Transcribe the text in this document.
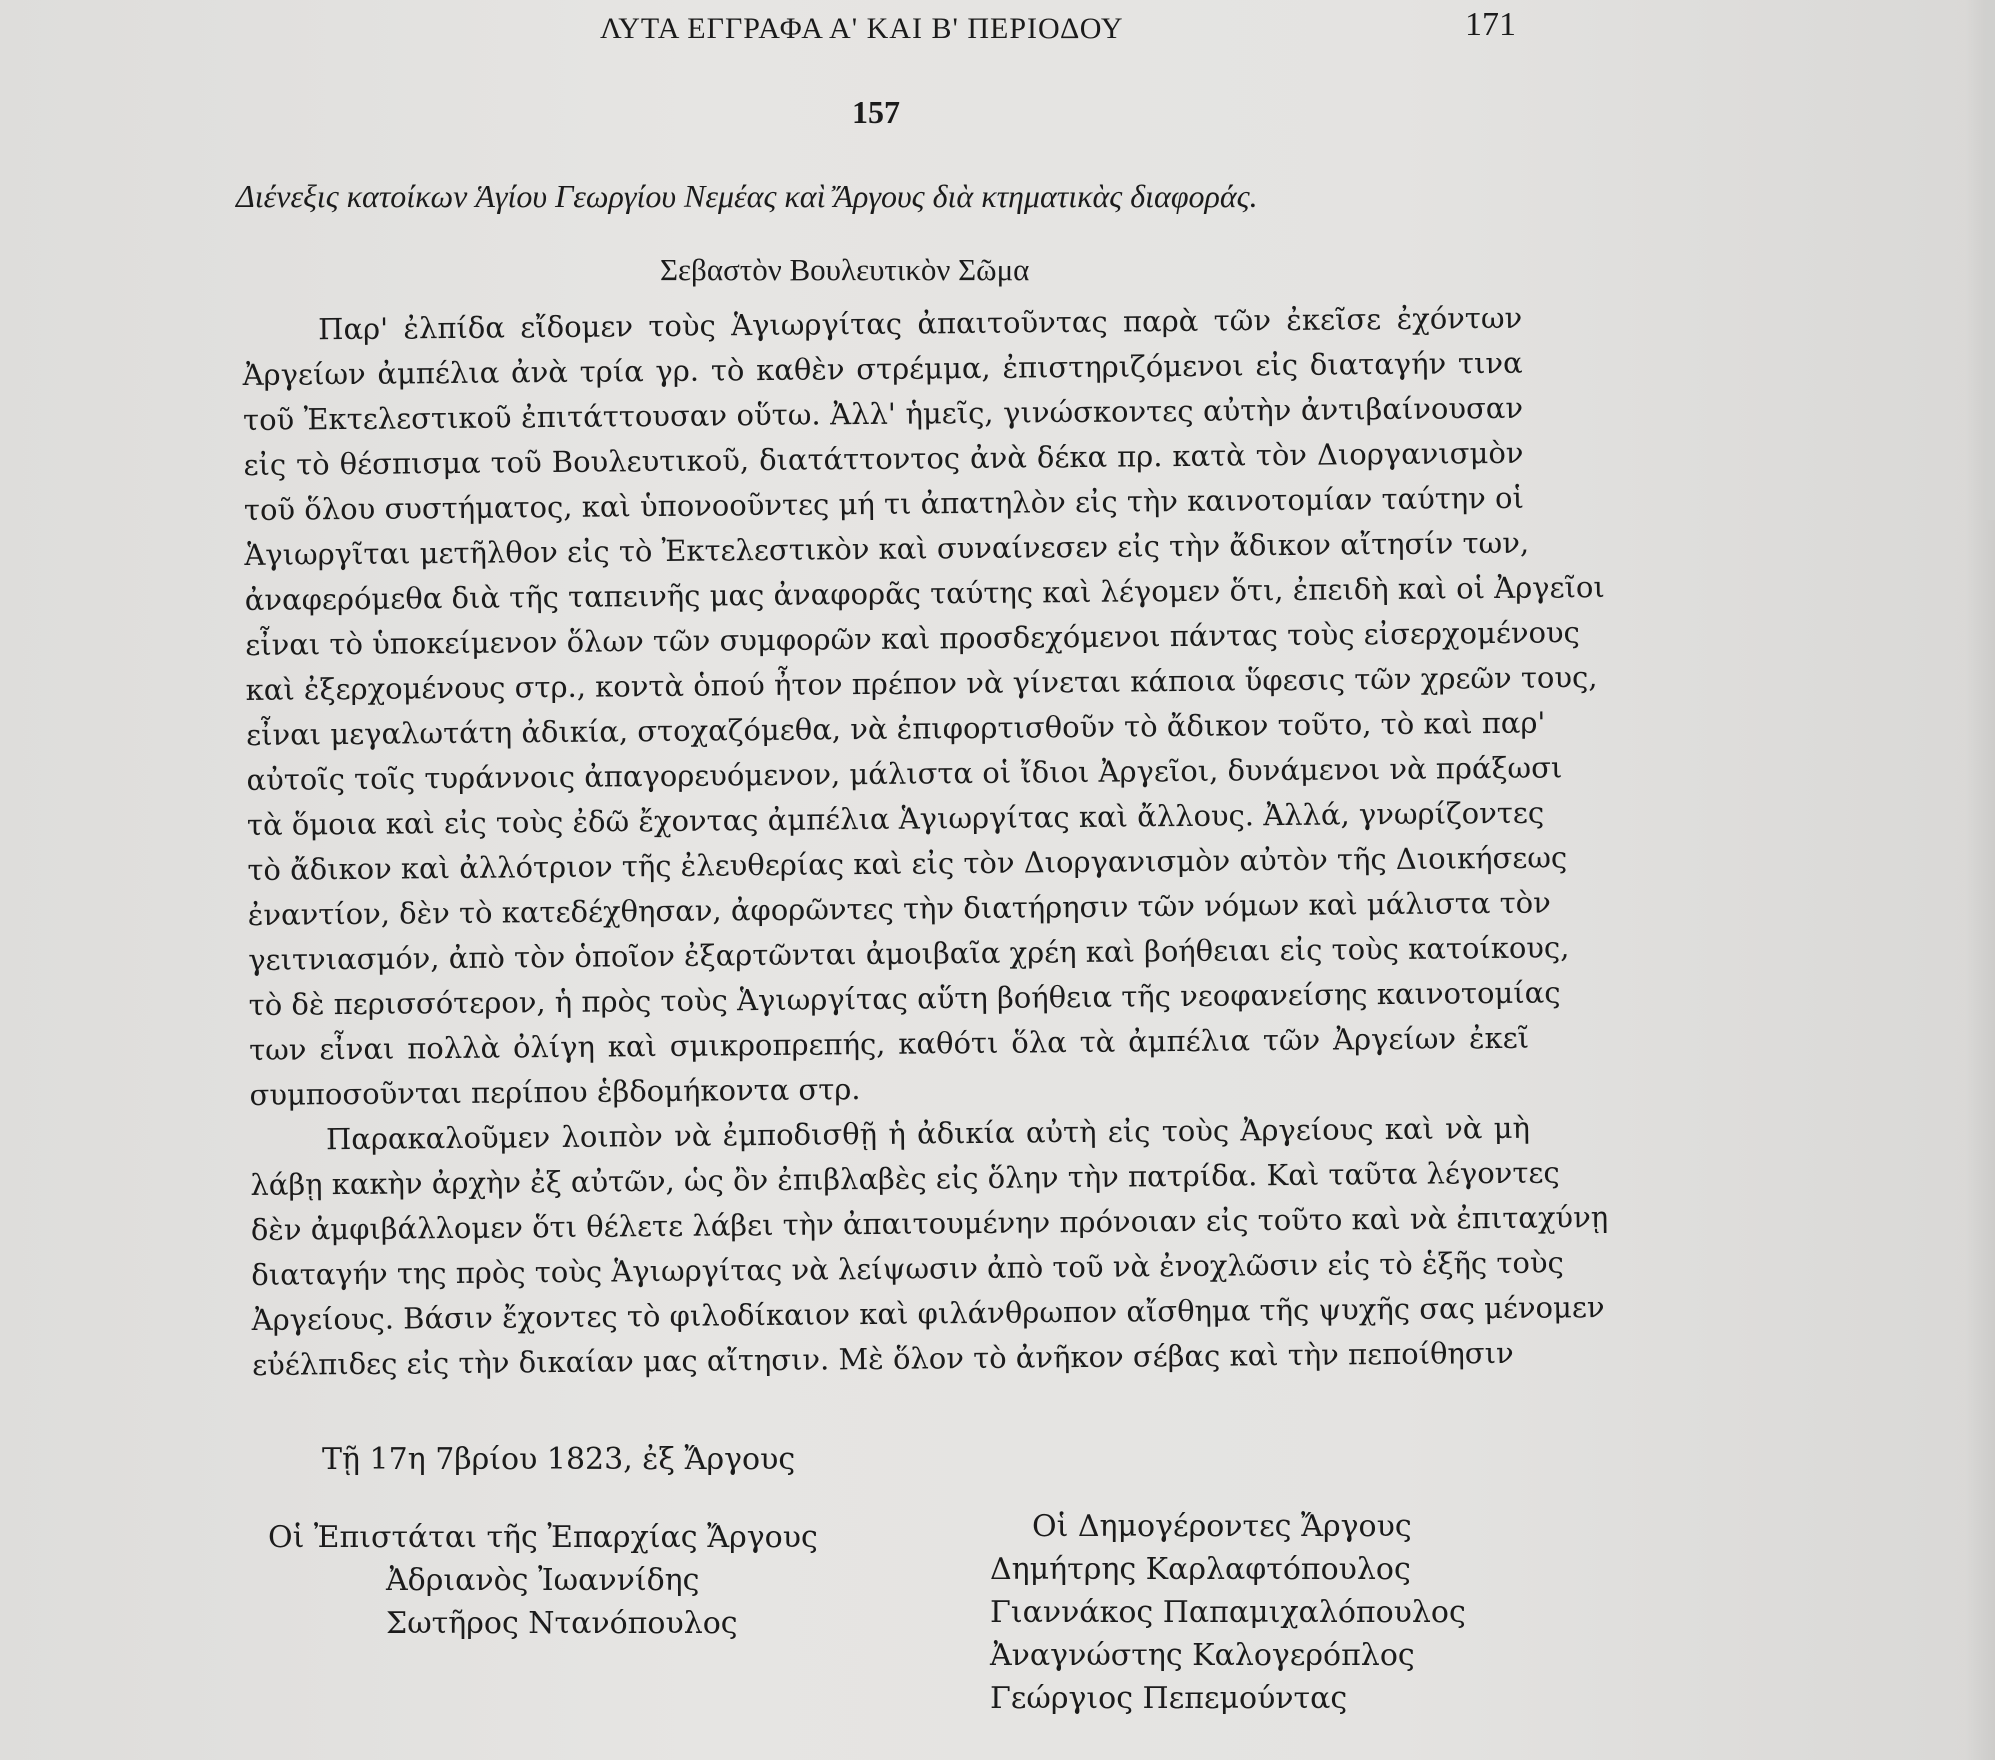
ΛΥΤΑ ΕΓΓΡΑΦΑ Α' ΚΑΙ Β' ΠΕΡΙΟΔΟΥ	171
157
Διένεξις κατοίκων Ἁγίου Γεωργίου Νεμέας καὶ Ἄργους διὰ κτηματικὰς διαφοράς.
Σεβαστὸν Βουλευτικὸν Σῶμα
Παρ' ἐλπίδα εἴδομεν τοὺς Ἁγιωργίτας ἀπαιτοῦντας παρὰ τῶν ἐκεῖσε ἐχόντων
Ἀργείων ἀμπέλια ἀνὰ τρία γρ. τὸ καθὲν στρέμμα, ἐπιστηριζόμενοι εἰς διαταγήν τινα
τοῦ Ἐκτελεστικοῦ ἐπιτάττουσαν οὕτω. Ἀλλ' ἡμεῖς, γινώσκοντες αὐτὴν ἀντιβαίνουσαν
εἰς τὸ θέσπισμα τοῦ Βουλευτικοῦ, διατάττοντος ἀνὰ δέκα πρ. κατὰ τὸν Διοργανισμὸν
τοῦ ὅλου συστήματος, καὶ ὑπονοοῦντες μή τι ἀπατηλὸν εἰς τὴν καινοτομίαν ταύτην οἱ
Ἁγιωργῖται μετῆλθον εἰς τὸ Ἐκτελεστικὸν καὶ συναίνεσεν εἰς τὴν ἄδικον αἴτησίν των,
ἀναφερόμεθα διὰ τῆς ταπεινῆς μας ἀναφορᾶς ταύτης καὶ λέγομεν ὅτι, ἐπειδὴ καὶ οἱ Ἀργεῖοι
εἶναι τὸ ὑποκείμενον ὅλων τῶν συμφορῶν καὶ προσδεχόμενοι πάντας τοὺς εἰσερχομένους
καὶ ἐξερχομένους στρ., κοντὰ ὁπού ἦτον πρέπον νὰ γίνεται κάποια ὕφεσις τῶν χρεῶν τους,
εἶναι μεγαλωτάτη ἀδικία, στοχαζόμεθα, νὰ ἐπιφορτισθοῦν τὸ ἄδικον τοῦτο, τὸ καὶ παρ'
αὐτοῖς τοῖς τυράννοις ἀπαγορευόμενον, μάλιστα οἱ ἴδιοι Ἀργεῖοι, δυνάμενοι νὰ πράξωσι
τὰ ὅμοια καὶ εἰς τοὺς ἐδῶ ἔχοντας ἀμπέλια Ἁγιωργίτας καὶ ἄλλους. Ἀλλά, γνωρίζοντες
τὸ ἄδικον καὶ ἀλλότριον τῆς ἐλευθερίας καὶ εἰς τὸν Διοργανισμὸν αὐτὸν τῆς Διοικήσεως
ἐναντίον, δὲν τὸ κατεδέχθησαν, ἀφορῶντες τὴν διατήρησιν τῶν νόμων καὶ μάλιστα τὸν
γειτνιασμόν, ἀπὸ τὸν ὁποῖον ἐξαρτῶνται ἀμοιβαῖα χρέη καὶ βοήθειαι εἰς τοὺς κατοίκους,
τὸ δὲ περισσότερον, ἡ πρὸς τοὺς Ἁγιωργίτας αὕτη βοήθεια τῆς νεοφανείσης καινοτομίας
των εἶναι πολλὰ ὀλίγη καὶ σμικροπρεπής, καθότι ὅλα τὰ ἀμπέλια τῶν Ἀργείων ἐκεῖ
συμποσοῦνται περίπου ἑβδομήκοντα στρ.
Παρακαλοῦμεν λοιπὸν νὰ ἐμποδισθῇ ἡ ἀδικία αὐτὴ εἰς τοὺς Ἀργείους καὶ νὰ μὴ
λάβῃ κακὴν ἀρχὴν ἐξ αὐτῶν, ὡς ὂν ἐπιβλαβὲς εἰς ὅλην τὴν πατρίδα. Καὶ ταῦτα λέγοντες
δὲν ἀμφιβάλλομεν ὅτι θέλετε λάβει τὴν ἀπαιτουμένην πρόνοιαν εἰς τοῦτο καὶ νὰ ἐπιταχύνῃ
διαταγήν της πρὸς τοὺς Ἁγιωργίτας νὰ λείψωσιν ἀπὸ τοῦ νὰ ἐνοχλῶσιν εἰς τὸ ἑξῆς τοὺς
Ἀργείους. Βάσιν ἔχοντες τὸ φιλοδίκαιον καὶ φιλάνθρωπον αἴσθημα τῆς ψυχῆς σας μένομεν
εὐέλπιδες εἰς τὴν δικαίαν μας αἴτησιν. Μὲ ὅλον τὸ ἀνῆκον σέβας καὶ τὴν πεποίθησιν
Τῇ 17η 7βρίου 1823, ἐξ Ἄργους
Οἱ Ἐπιστάται τῆς Ἐπαρχίας Ἄργους
Ἀδριανὸς Ἰωαννίδης
Σωτῆρος Ντανόπουλος
Οἱ Δημογέροντες Ἄργους
Δημήτρης Καρλαφτόπουλος
Γιαννάκος Παπαμιχαλόπουλος
Ἀναγνώστης Καλογερόπλος
Γεώργιος Πεπεμούντας
